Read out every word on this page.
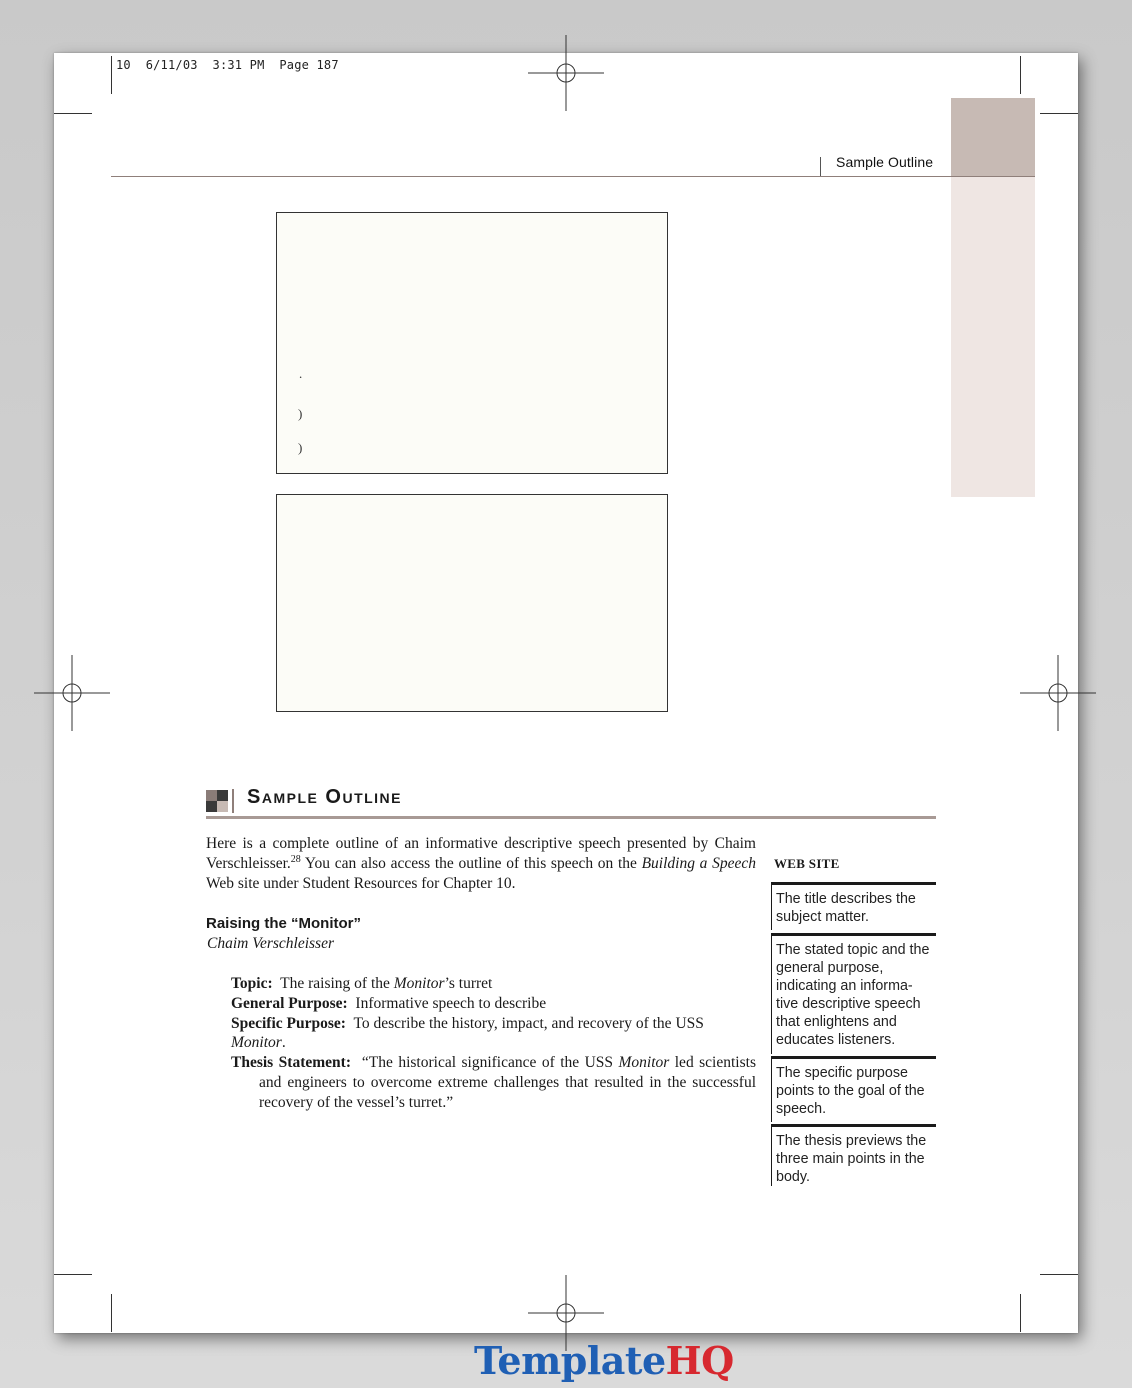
10  6/11/03  3:31 PM  Page 187
Sample Outline
.
)
)
Sample Outline

Here is a complete outline of an informative descriptive speech presented by Chaim Verschleisser.$^{28}$ You can also access the outline of this speech on the Building a Speech Web site under Student Resources for Chapter 10.

Raising the “Monitor”
Chaim Verschleisser
Topic: The raising of the Monitor’s turret
General Purpose: Informative speech to describe
Specific Purpose: To describe the history, impact, and recovery of the USS Monitor.
Thesis Statement: “The historical significance of the USS Monitor led scientists and engineers to overcome extreme challenges that resulted in the successful recovery of the vessel’s turret.”
WEB SITE
The title describes the subject matter.
The stated topic and the general purpose, indicating an informa-tive descriptive speech that enlightens and educates listeners.
The specific purpose points to the goal of the speech.
The thesis previews the three main points in the body.
TemplateHQ
